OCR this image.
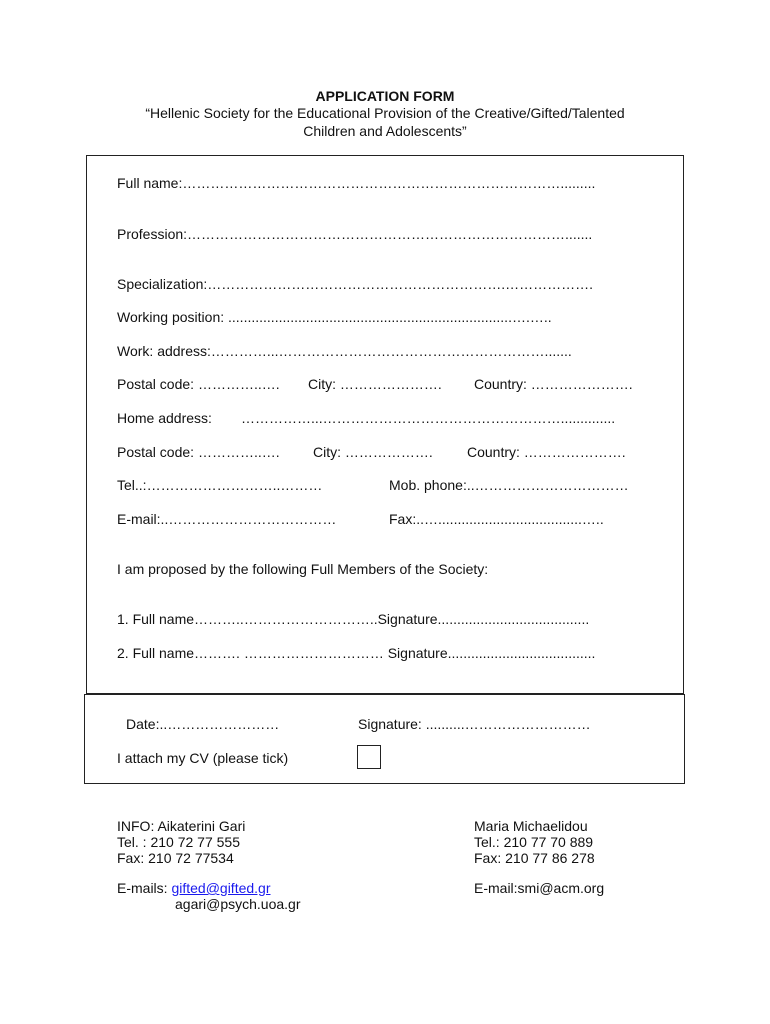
APPLICATION FORM
“Hellenic Society for the Educational Provision of the Creative/Gifted/Talented
Children and Adolescents”
Full name:……………………………………………………………………….........
Profession:……………………………………………………………………….......
Specialization:……………………………………………………….……………….
Working position: .........................................................................….…..
Work: address:…………...………………………………………………….......
Postal code: …………..…. City: …………………. Country: ………………….
Home address: ……………...……………………………………………..............
Postal code: …………..…. City: ………………. Country: ………………….
Tel..:………………………..………	Mob. phone:..……………………………
E-mail:..………………………………	Fax:..….....................................…..
I am proposed by the following Full Members of the Society:
1. Full name………..………………………..Signature.......................................
2. Full name………. ………………………… Signature......................................
Date:..……………………	Signature: ..........………………………
I attach my CV (please tick)
INFO: Aikaterini Gari
Tel. : 210 72 77 555
Fax: 210 72 77534
E-mails: gifted@gifted.gr
agari@psych.uoa.gr
Maria Michaelidou
Tel.: 210 77 70 889
Fax: 210 77 86 278
E-mail:smi@acm.org
